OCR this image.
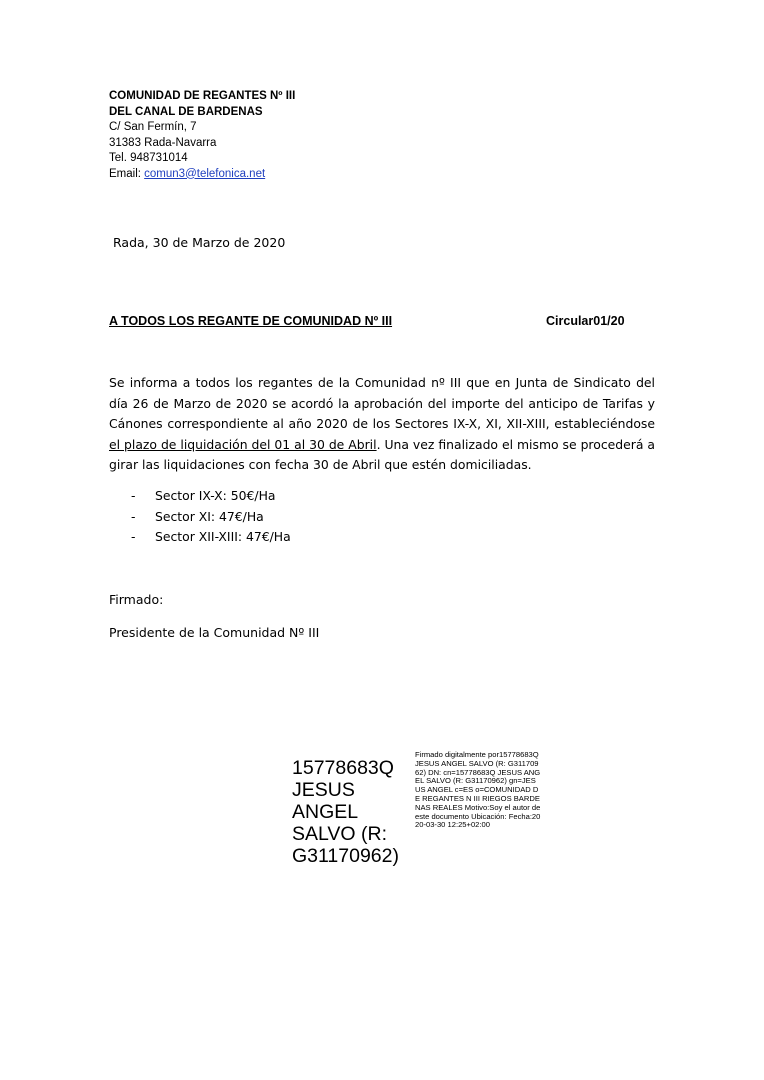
COMUNIDAD DE REGANTES Nº III
DEL CANAL DE BARDENAS
C/ San Fermín, 7
31383 Rada-Navarra
Tel. 948731014
Email: comun3@telefonica.net
Rada, 30 de Marzo de 2020
A TODOS LOS REGANTE DE COMUNIDAD Nº III	Circular01/20
Se informa a todos los regantes de la Comunidad nº III que en Junta de Sindicato del día 26 de Marzo de 2020 se acordó la aprobación del importe del anticipo de Tarifas y Cánones correspondiente al año 2020 de los Sectores IX-X, XI, XII-XIII, estableciéndose el plazo de liquidación del 01 al 30 de Abril. Una vez finalizado el mismo se procederá a girar las liquidaciones con fecha 30 de Abril que estén domiciliadas.
- Sector IX-X: 50€/Ha
- Sector XI: 47€/Ha
- Sector XII-XIII: 47€/Ha
Firmado:
Presidente de la Comunidad Nº III
15778683Q
JESUS
ANGEL
SALVO (R:
G31170962)
Firmado digitalmente por15778683Q JESUS ANGEL SALVO (R: G31170962) DN: cn=15778683Q JESUS ANGEL SALVO (R: G31170962) gn=JESUS ANGEL c=ES o=COMUNIDAD DE REGANTES N III RIEGOS BARDENAS REALES Motivo:Soy el autor de este documento Ubicación: Fecha:2020-03-30 12:25+02:00
